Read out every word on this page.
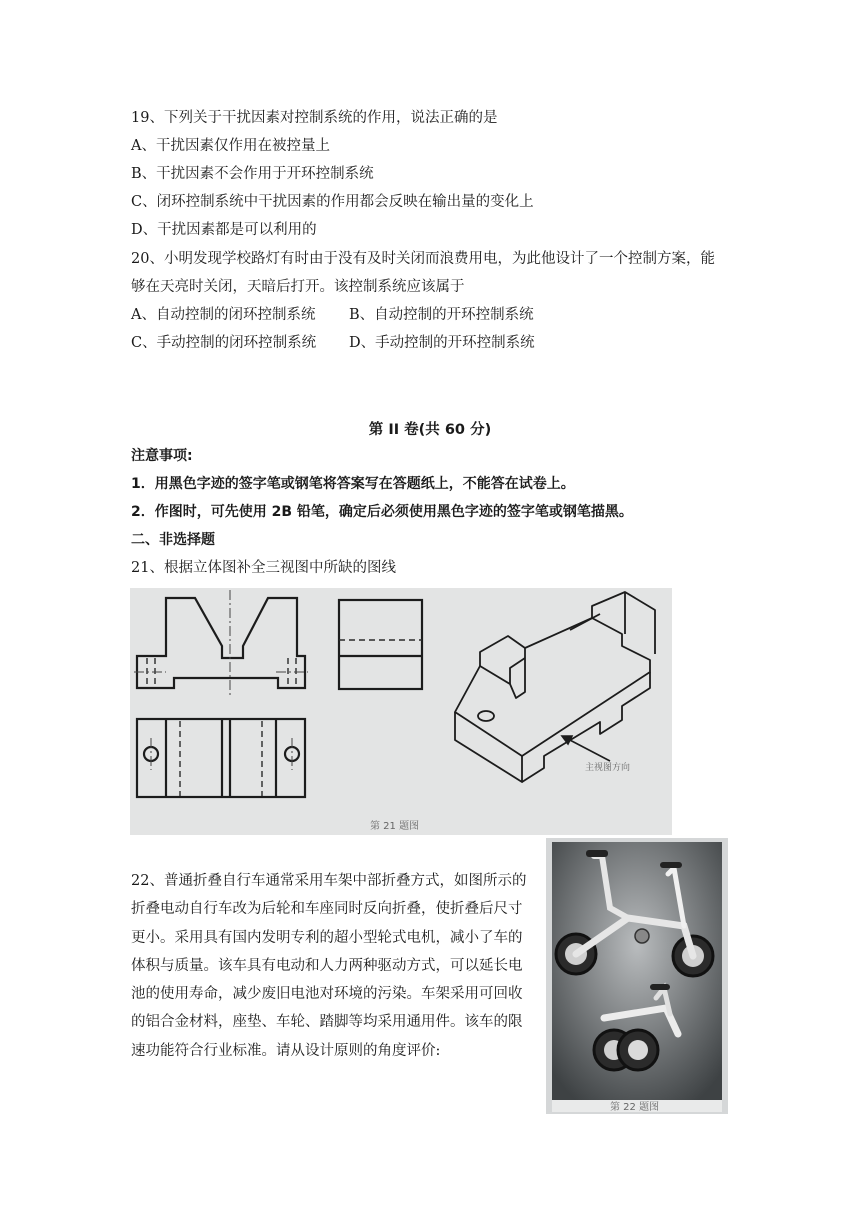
19、下列关于干扰因素对控制系统的作用，说法正确的是
A、干扰因素仅作用在被控量上
B、干扰因素不会作用于开环控制系统
C、闭环控制系统中干扰因素的作用都会反映在输出量的变化上
D、干扰因素都是可以利用的
20、小明发现学校路灯有时由于没有及时关闭而浪费用电，为此他设计了一个控制方案，能
够在天亮时关闭，天暗后打开。该控制系统应该属于
A、自动控制的闭环控制系统 B、自动控制的开环控制系统
C、手动控制的闭环控制系统 D、手动控制的开环控制系统
第 II 卷(共 60 分)
注意事项:
1．用黑色字迹的签字笔或钢笔将答案写在答题纸上，不能答在试卷上。
2．作图时，可先使用 2B 铅笔，确定后必须使用黑色字迹的签字笔或钢笔描黑。
二、非选择题
21、根据立体图补全三视图中所缺的图线
主视图方向
第 21 题图
22、普通折叠自行车通常采用车架中部折叠方式，如图所示的
折叠电动自行车改为后轮和车座同时反向折叠，使折叠后尺寸
更小。采用具有国内发明专利的超小型轮式电机，减小了车的
体积与质量。该车具有电动和人力两种驱动方式，可以延长电
池的使用寿命，减少废旧电池对环境的污染。车架采用可回收
的铝合金材料，座垫、车轮、踏脚等均采用通用件。该车的限
速功能符合行业标准。请从设计原则的角度评价:
第 22 题图
